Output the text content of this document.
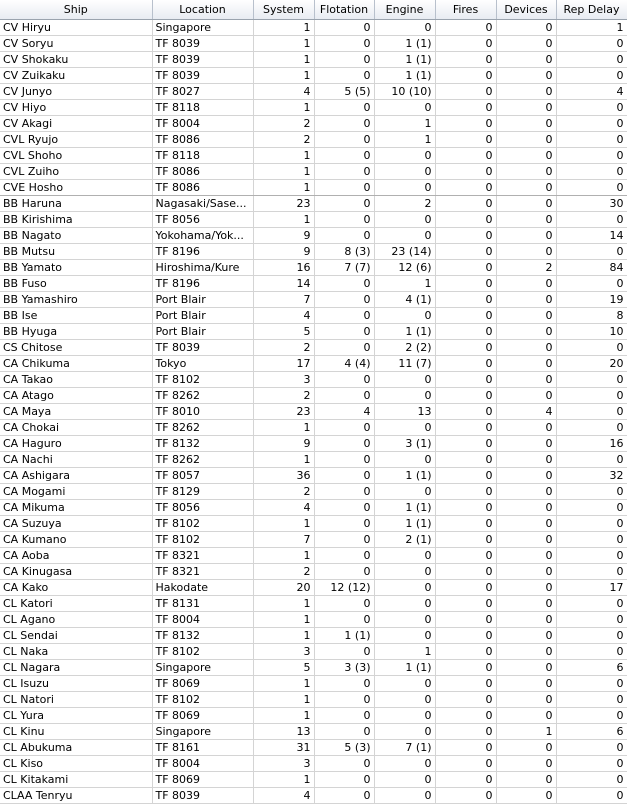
Ship	Location	System	Flotation	Engine	Fires	Devices	Rep Delay
CV Hiryu	Singapore	1	0	0	0	0	1
CV Soryu	TF 8039	1	0	1 (1)	0	0	0
CV Shokaku	TF 8039	1	0	1 (1)	0	0	0
CV Zuikaku	TF 8039	1	0	1 (1)	0	0	0
CV Junyo	TF 8027	4	5 (5)	10 (10)	0	0	4
CV Hiyo	TF 8118	1	0	0	0	0	0
CV Akagi	TF 8004	2	0	1	0	0	0
CVL Ryujo	TF 8086	2	0	1	0	0	0
CVL Shoho	TF 8118	1	0	0	0	0	0
CVL Zuiho	TF 8086	1	0	0	0	0	0
CVE Hosho	TF 8086	1	0	0	0	0	0
BB Haruna	Nagasaki/Sase...	23	0	2	0	0	30
BB Kirishima	TF 8056	1	0	0	0	0	0
BB Nagato	Yokohama/Yok...	9	0	0	0	0	14
BB Mutsu	TF 8196	9	8 (3)	23 (14)	0	0	0
BB Yamato	Hiroshima/Kure	16	7 (7)	12 (6)	0	2	84
BB Fuso	TF 8196	14	0	1	0	0	0
BB Yamashiro	Port Blair	7	0	4 (1)	0	0	19
BB Ise	Port Blair	4	0	0	0	0	8
BB Hyuga	Port Blair	5	0	1 (1)	0	0	10
CS Chitose	TF 8039	2	0	2 (2)	0	0	0
CA Chikuma	Tokyo	17	4 (4)	11 (7)	0	0	20
CA Takao	TF 8102	3	0	0	0	0	0
CA Atago	TF 8262	2	0	0	0	0	0
CA Maya	TF 8010	23	4	13	0	4	0
CA Chokai	TF 8262	1	0	0	0	0	0
CA Haguro	TF 8132	9	0	3 (1)	0	0	16
CA Nachi	TF 8262	1	0	0	0	0	0
CA Ashigara	TF 8057	36	0	1 (1)	0	0	32
CA Mogami	TF 8129	2	0	0	0	0	0
CA Mikuma	TF 8056	4	0	1 (1)	0	0	0
CA Suzuya	TF 8102	1	0	1 (1)	0	0	0
CA Kumano	TF 8102	7	0	2 (1)	0	0	0
CA Aoba	TF 8321	1	0	0	0	0	0
CA Kinugasa	TF 8321	2	0	0	0	0	0
CA Kako	Hakodate	20	12 (12)	0	0	0	17
CL Katori	TF 8131	1	0	0	0	0	0
CL Agano	TF 8004	1	0	0	0	0	0
CL Sendai	TF 8132	1	1 (1)	0	0	0	0
CL Naka	TF 8102	3	0	1	0	0	0
CL Nagara	Singapore	5	3 (3)	1 (1)	0	0	6
CL Isuzu	TF 8069	1	0	0	0	0	0
CL Natori	TF 8102	1	0	0	0	0	0
CL Yura	TF 8069	1	0	0	0	0	0
CL Kinu	Singapore	13	0	0	0	1	6
CL Abukuma	TF 8161	31	5 (3)	7 (1)	0	0	0
CL Kiso	TF 8004	3	0	0	0	0	0
CL Kitakami	TF 8069	1	0	0	0	0	0
CLAA Tenryu	TF 8039	4	0	0	0	0	0
